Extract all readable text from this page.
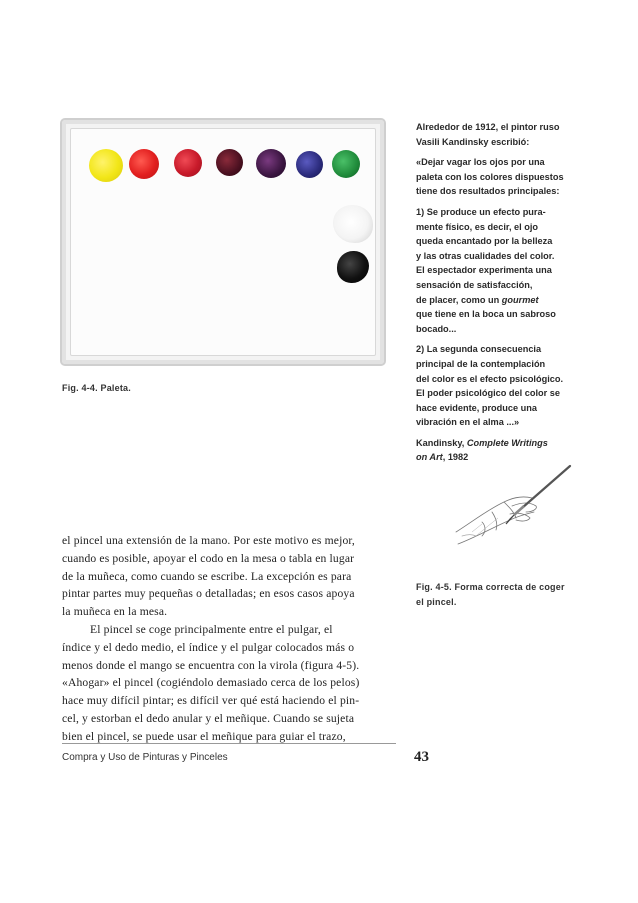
Fig. 4-4. Paleta.

Alrededor de 1912, el pintor ruso
Vasili Kandinsky escribió:

«Dejar vagar los ojos por una
paleta con los colores dispuestos
tiene dos resultados principales:

1) Se produce un efecto pura-
mente físico, es decir, el ojo
queda encantado por la belleza
y las otras cualidades del color.
El espectador experimenta una
sensación de satisfacción,
de placer, como un gourmet
que tiene en la boca un sabroso
bocado...

2) La segunda consecuencia
principal de la contemplación
del color es el efecto psicológico.
El poder psicológico del color se
hace evidente, produce una
vibración en el alma ...»

Kandinsky, Complete Writings
on Art, 1982

Fig. 4-5. Forma correcta de coger
el pincel.

el pincel una extensión de la mano. Por este motivo es mejor,
cuando es posible, apoyar el codo en la mesa o tabla en lugar
de la muñeca, como cuando se escribe. La excepción es para
pintar partes muy pequeñas o detalladas; en esos casos apoya
la muñeca en la mesa.

El pincel se coge principalmente entre el pulgar, el

índice y el dedo medio, el índice y el pulgar colocados más o
menos donde el mango se encuentra con la virola (figura 4-5).
«Ahogar» el pincel (cogiéndolo demasiado cerca de los pelos)
hace muy difícil pintar; es difícil ver qué está haciendo el pin-
cel, y estorban el dedo anular y el meñique. Cuando se sujeta
bien el pincel, se puede usar el meñique para guiar el trazo,

Compra y Uso de Pinturas y Pinceles	43
